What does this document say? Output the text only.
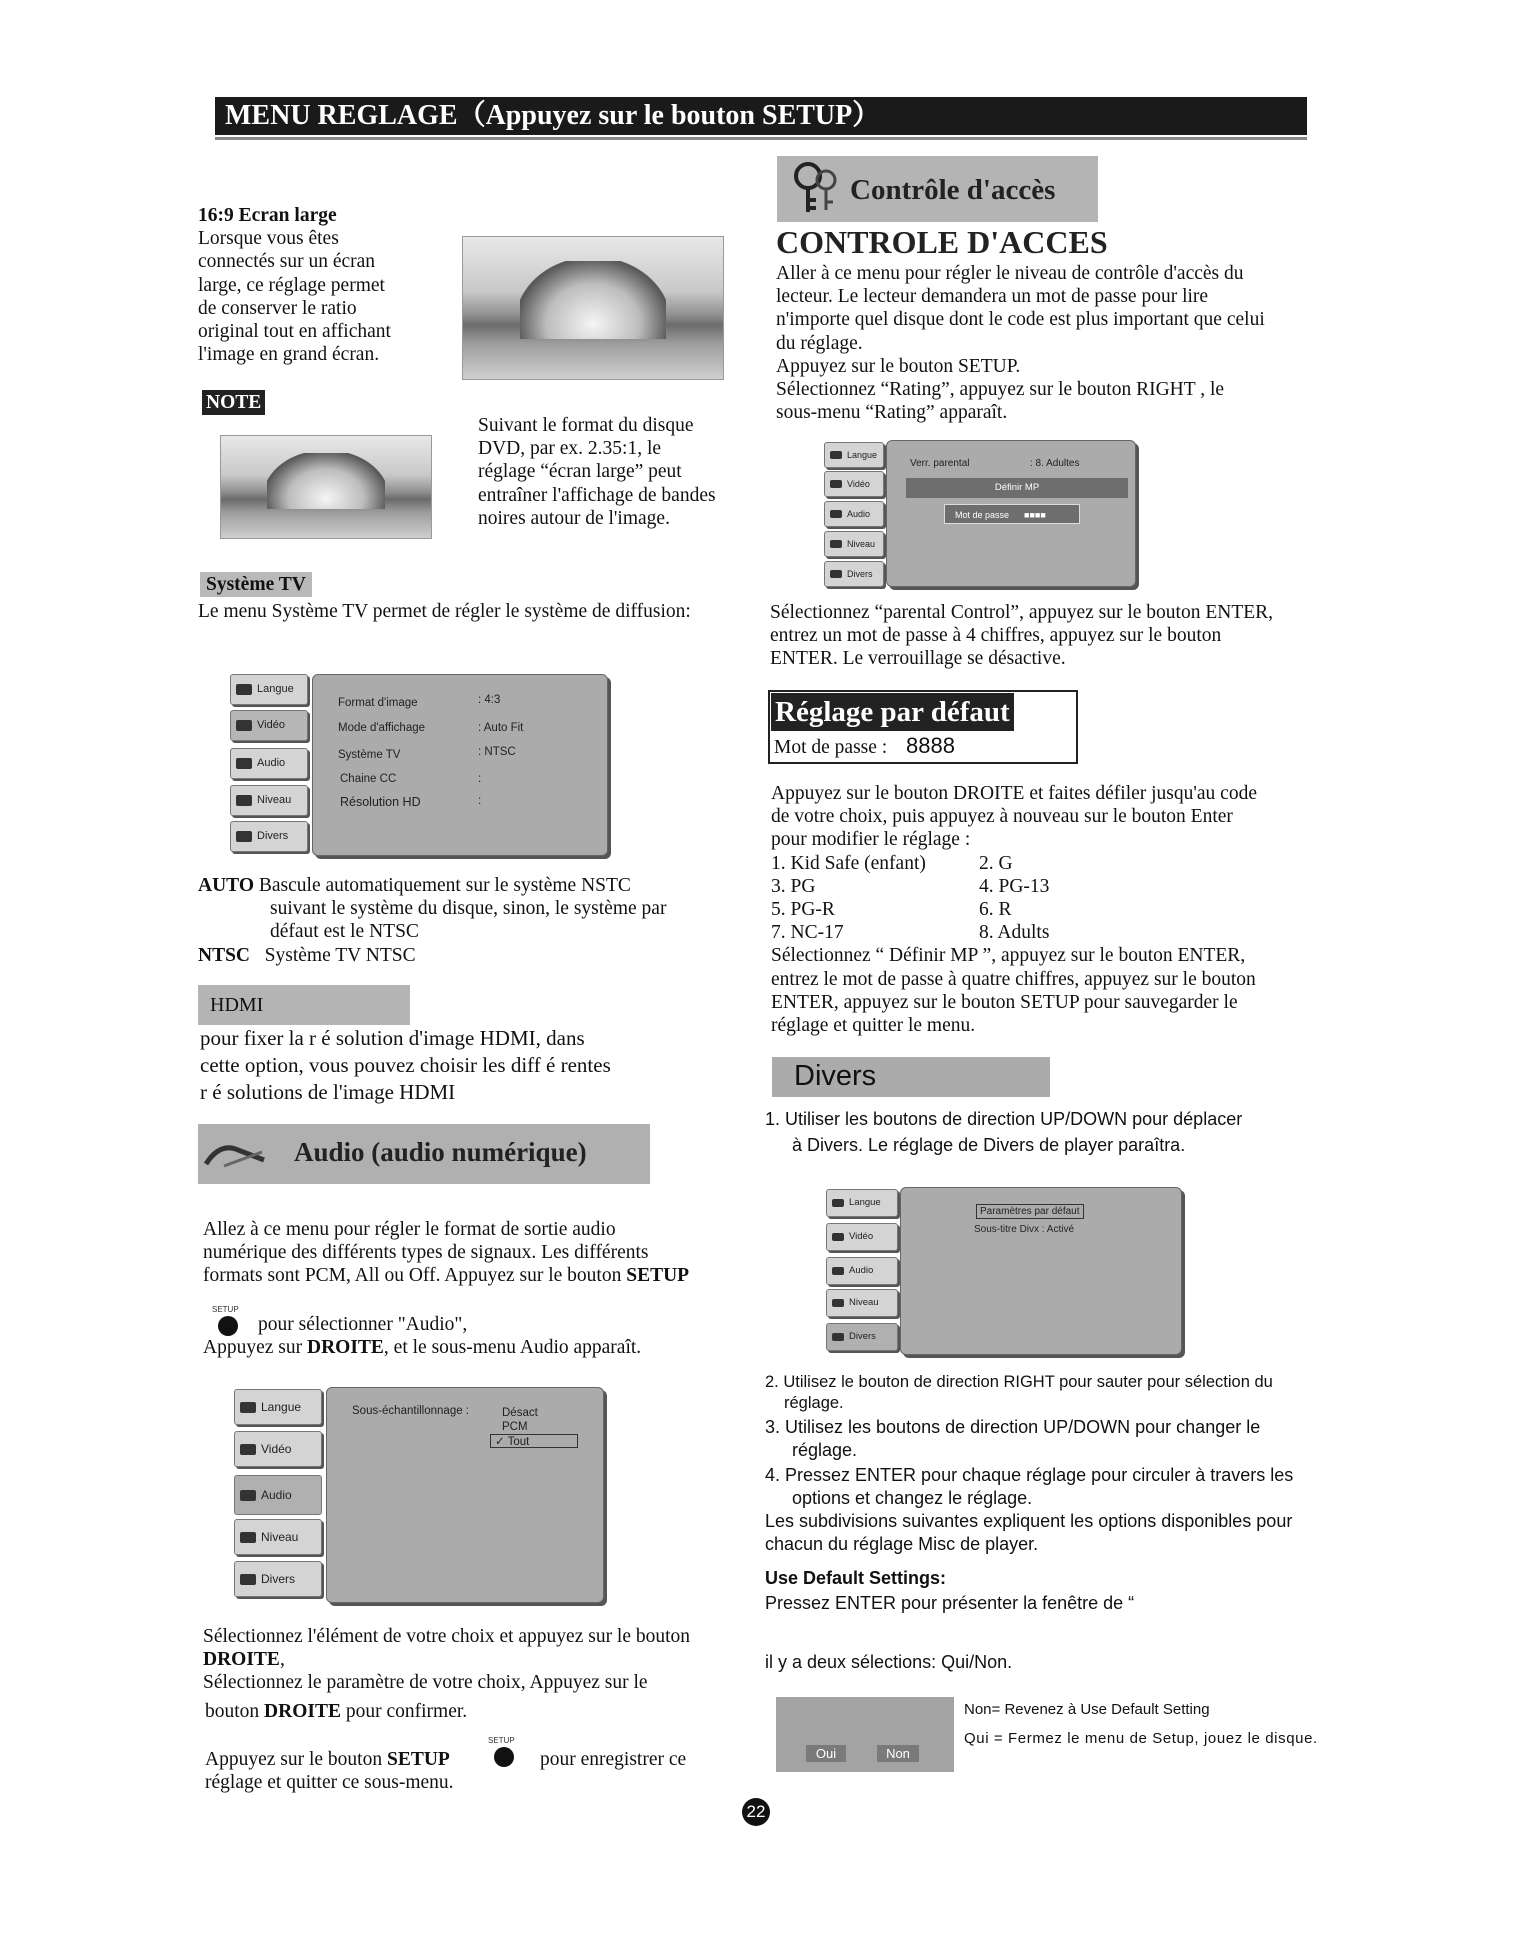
MENU REGLAGE（Appuyez sur le bouton SETUP）
16:9 Ecran large
Lorsque vous êtes
connectés sur un écran
large, ce réglage permet
de conserver le ratio
original tout en affichant
l'image en grand écran.
NOTE
Suivant le format du disque
DVD, par ex. 2.35:1, le
réglage “écran large” peut
entraîner l'affichage de bandes
noires autour de l'image.
Système TV
Le menu Système TV permet de régler le système de diffusion:
Langue
Vidéo
Audio
Niveau
Divers
Format d'image	: 4:3
Mode d'affichage	: Auto Fit
Système TV	: NTSC
Chaine CC	:
Résolution HD	:
AUTO Bascule automatiquement sur le système NSTC
suivant le système du disque, sinon, le système par
défaut est le NTSC
NTSC Système TV NTSC
HDMI
pour fixer la r é solution d'image HDMI, dans
cette option, vous pouvez choisir les diff é rentes
r é solutions de l'image HDMI
Audio (audio numérique)
Allez à ce menu pour régler le format de sortie audio
numérique des différents types de signaux. Les différents
formats sont PCM, All ou Off. Appuyez sur le bouton SETUP
SETUP
pour sélectionner "Audio",
Appuyez sur DROITE, et le sous-menu Audio apparaît.
Langue
Vidéo
Audio
Niveau
Divers
Sous-échantillonnage :	Désact
PCM
✓ Tout
Sélectionnez l'élément de votre choix et appuyez sur le bouton
DROITE,
Sélectionnez le paramètre de votre choix, Appuyez sur le
bouton DROITE pour confirmer.
Appuyez sur le bouton SETUP
SETUP
pour enregistrer ce
réglage et quitter ce sous-menu.
Contrôle d'accès
CONTROLE D'ACCES
Aller à ce menu pour régler le niveau de contrôle d'accès du
lecteur. Le lecteur demandera un mot de passe pour lire
n'importe quel disque dont le code est plus important que celui
du réglage.
Appuyez sur le bouton SETUP.
Sélectionnez “Rating”, appuyez sur le bouton RIGHT , le
sous-menu “Rating” apparaît.
Langue
Vidéo
Audio
Niveau
Divers
Verr. parental	: 8. Adultes
Définir MP
Mot de passe ■■■■
Sélectionnez “parental Control”, appuyez sur le bouton ENTER,
entrez un mot de passe à 4 chiffres, appuyez sur le bouton
ENTER. Le verrouillage se désactive.
Réglage par défaut
Mot de passe : 8888
Appuyez sur le bouton DROITE et faites défiler jusqu'au code
de votre choix, puis appuyez à nouveau sur le bouton Enter
pour modifier le réglage :
1. Kid Safe (enfant)	2. G
3. PG	4. PG-13
5. PG-R	6. R
7. NC-17	8. Adults
Sélectionnez “ Définir MP ”, appuyez sur le bouton ENTER,
entrez le mot de passe à quatre chiffres, appuyez sur le bouton
ENTER, appuyez sur le bouton SETUP pour sauvegarder le
réglage et quitter le menu.
Divers
1. Utiliser les boutons de direction UP/DOWN pour déplacer
à Divers. Le réglage de Divers de player paraîtra.
Langue
Vidéo
Audio
Niveau
Divers
Paramètres par défaut
Sous-titre Divx : Activé
2. Utilisez le bouton de direction RIGHT pour sauter pour sélection du
réglage.
3. Utilisez les boutons de direction UP/DOWN pour changer le
réglage.
4. Pressez ENTER pour chaque réglage pour circuler à travers les
options et changez le réglage.
Les subdivisions suivantes expliquent les options disponibles pour
chacun du réglage Misc de player.
Use Default Settings:
Pressez ENTER pour présenter la fenêtre de “
il y a deux sélections: Qui/Non.
Oui	Non
Non= Revenez à Use Default Setting
Qui = Fermez le menu de Setup, jouez le disque.
22
